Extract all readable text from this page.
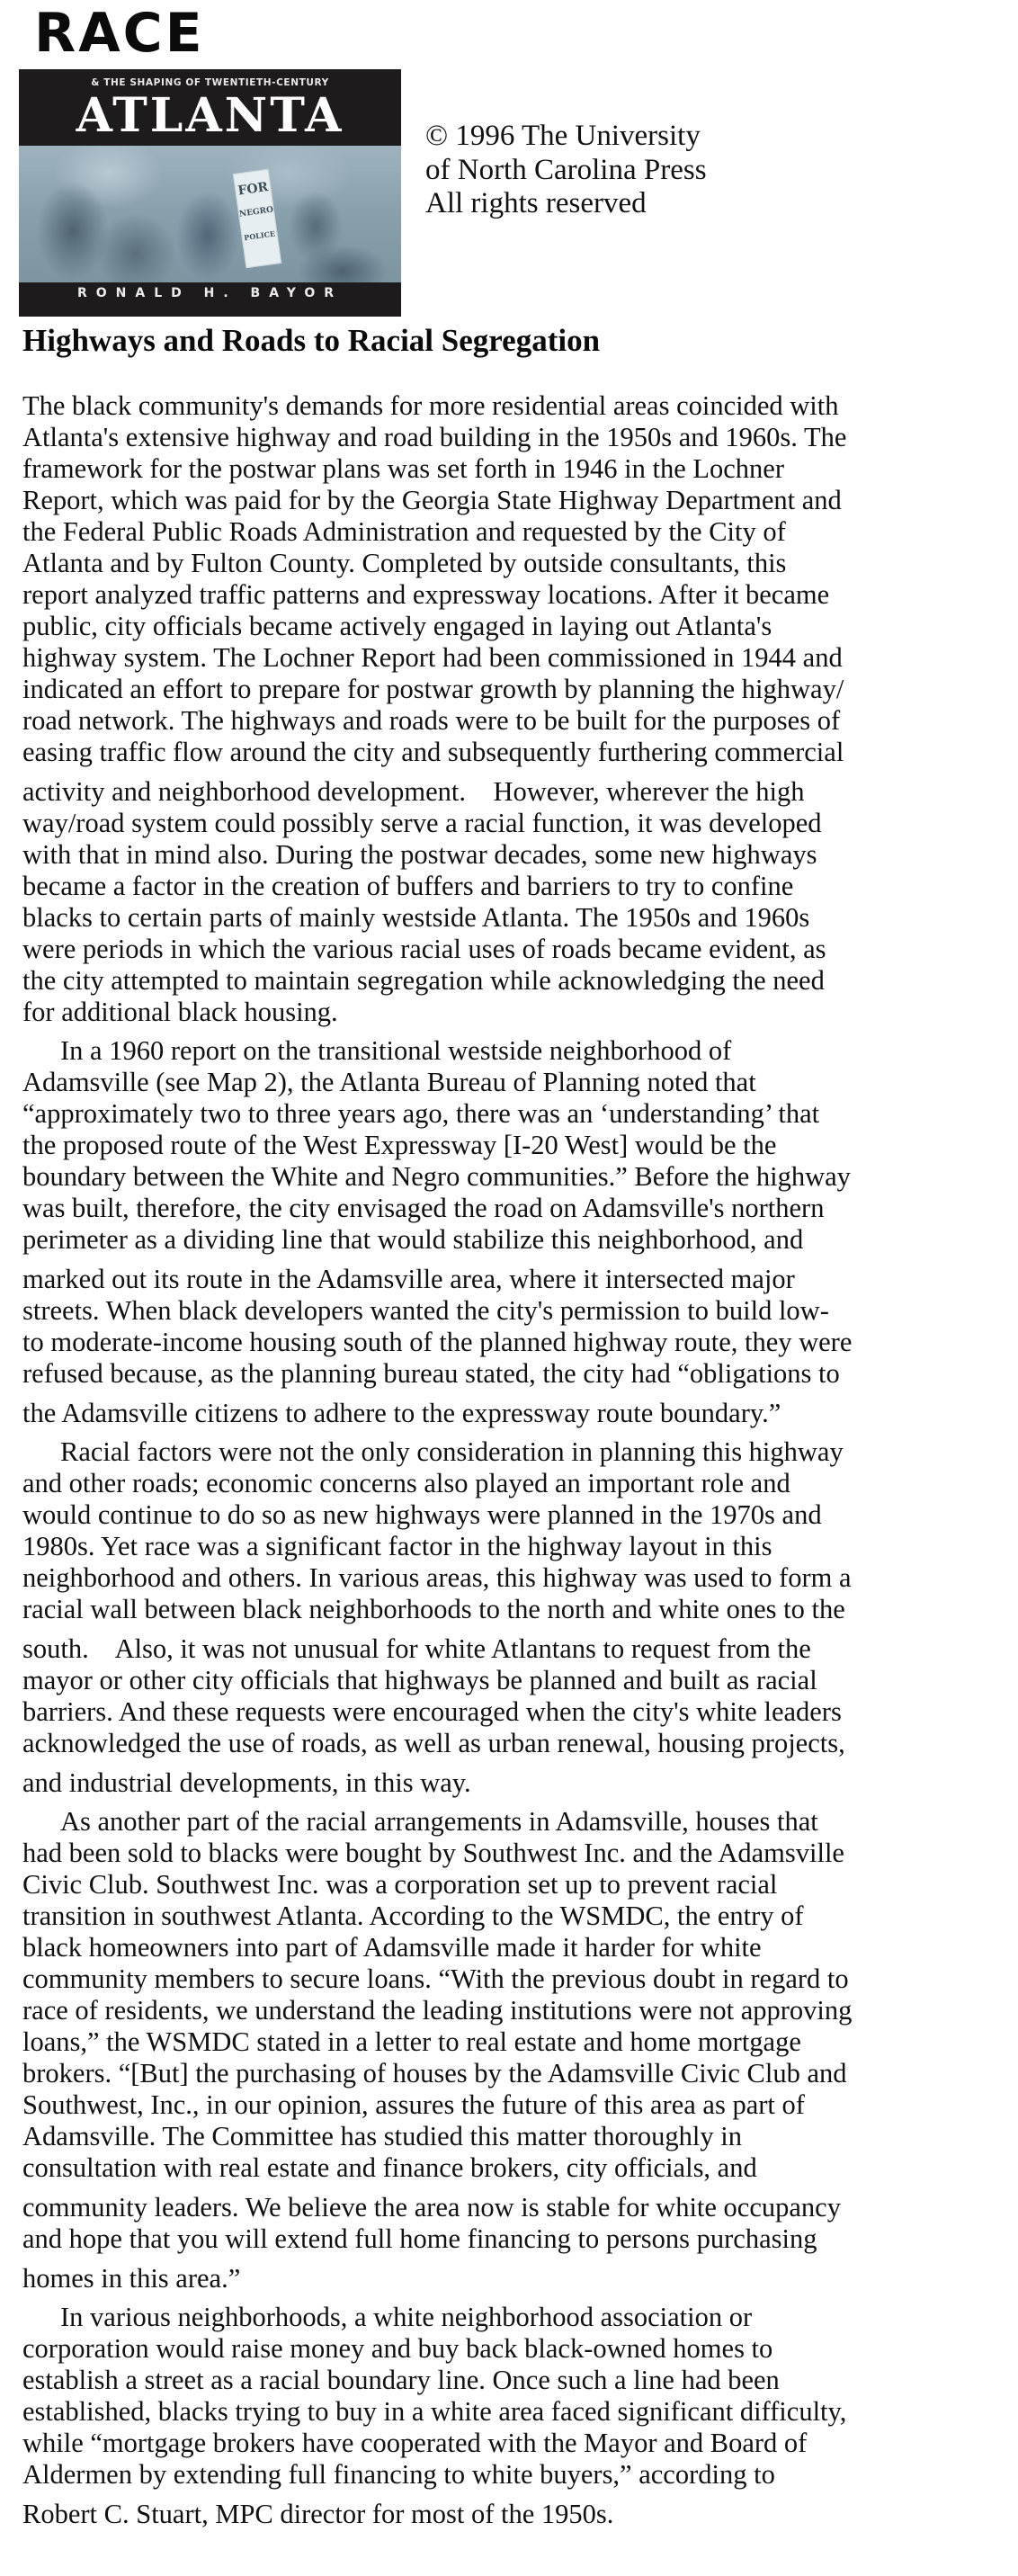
RACE
& THE SHAPING OF TWENTIETH-CENTURY
ATLANTA
FOR
NEGRO
POLICE
RONALD H. BAYOR
© 1996 The University
of North Carolina Press
All rights reserved
Highways and Roads to Racial Segregation
The black community's demands for more residential areas coincided with
Atlanta's extensive highway and road building in the 1950s and 1960s. The
framework for the postwar plans was set forth in 1946 in the Lochner
Report, which was paid for by the Georgia State Highway Department and
the Federal Public Roads Administration and requested by the City of
Atlanta and by Fulton County. Completed by outside consultants, this
report analyzed traffic patterns and expressway locations. After it became
public, city officials became actively engaged in laying out Atlanta's
highway system. The Lochner Report had been commissioned in 1944 and
indicated an effort to prepare for postwar growth by planning the highway/
road network. The highways and roads were to be built for the purposes of
easing traffic flow around the city and subsequently furthering commercial
activity and neighborhood development.    However, wherever the high
way/road system could possibly serve a racial function, it was developed
with that in mind also. During the postwar decades, some new highways
became a factor in the creation of buffers and barriers to try to confine
blacks to certain parts of mainly westside Atlanta. The 1950s and 1960s
were periods in which the various racial uses of roads became evident, as
the city attempted to maintain segregation while acknowledging the need
for additional black housing.
In a 1960 report on the transitional westside neighborhood of
Adamsville (see Map 2), the Atlanta Bureau of Planning noted that
“approximately two to three years ago, there was an ‘understanding’ that
the proposed route of the West Expressway [I-20 West] would be the
boundary between the White and Negro communities.” Before the highway
was built, therefore, the city envisaged the road on Adamsville's northern
perimeter as a dividing line that would stabilize this neighborhood, and
marked out its route in the Adamsville area, where it intersected major
streets. When black developers wanted the city's permission to build low-
to moderate-income housing south of the planned highway route, they were
refused because, as the planning bureau stated, the city had “obligations to
the Adamsville citizens to adhere to the expressway route boundary.”
Racial factors were not the only consideration in planning this highway
and other roads; economic concerns also played an important role and
would continue to do so as new highways were planned in the 1970s and
1980s. Yet race was a significant factor in the highway layout in this
neighborhood and others. In various areas, this highway was used to form a
racial wall between black neighborhoods to the north and white ones to the
south.    Also, it was not unusual for white Atlantans to request from the
mayor or other city officials that highways be planned and built as racial
barriers. And these requests were encouraged when the city's white leaders
acknowledged the use of roads, as well as urban renewal, housing projects,
and industrial developments, in this way.
As another part of the racial arrangements in Adamsville, houses that
had been sold to blacks were bought by Southwest Inc. and the Adamsville
Civic Club. Southwest Inc. was a corporation set up to prevent racial
transition in southwest Atlanta. According to the WSMDC, the entry of
black homeowners into part of Adamsville made it harder for white
community members to secure loans. “With the previous doubt in regard to
race of residents, we understand the leading institutions were not approving
loans,” the WSMDC stated in a letter to real estate and home mortgage
brokers. “[But] the purchasing of houses by the Adamsville Civic Club and
Southwest, Inc., in our opinion, assures the future of this area as part of
Adamsville. The Committee has studied this matter thoroughly in
consultation with real estate and finance brokers, city officials, and
community leaders. We believe the area now is stable for white occupancy
and hope that you will extend full home financing to persons purchasing
homes in this area.”
In various neighborhoods, a white neighborhood association or
corporation would raise money and buy back black-owned homes to
establish a street as a racial boundary line. Once such a line had been
established, blacks trying to buy in a white area faced significant difficulty,
while “mortgage brokers have cooperated with the Mayor and Board of
Aldermen by extending full financing to white buyers,” according to
Robert C. Stuart, MPC director for most of the 1950s.
